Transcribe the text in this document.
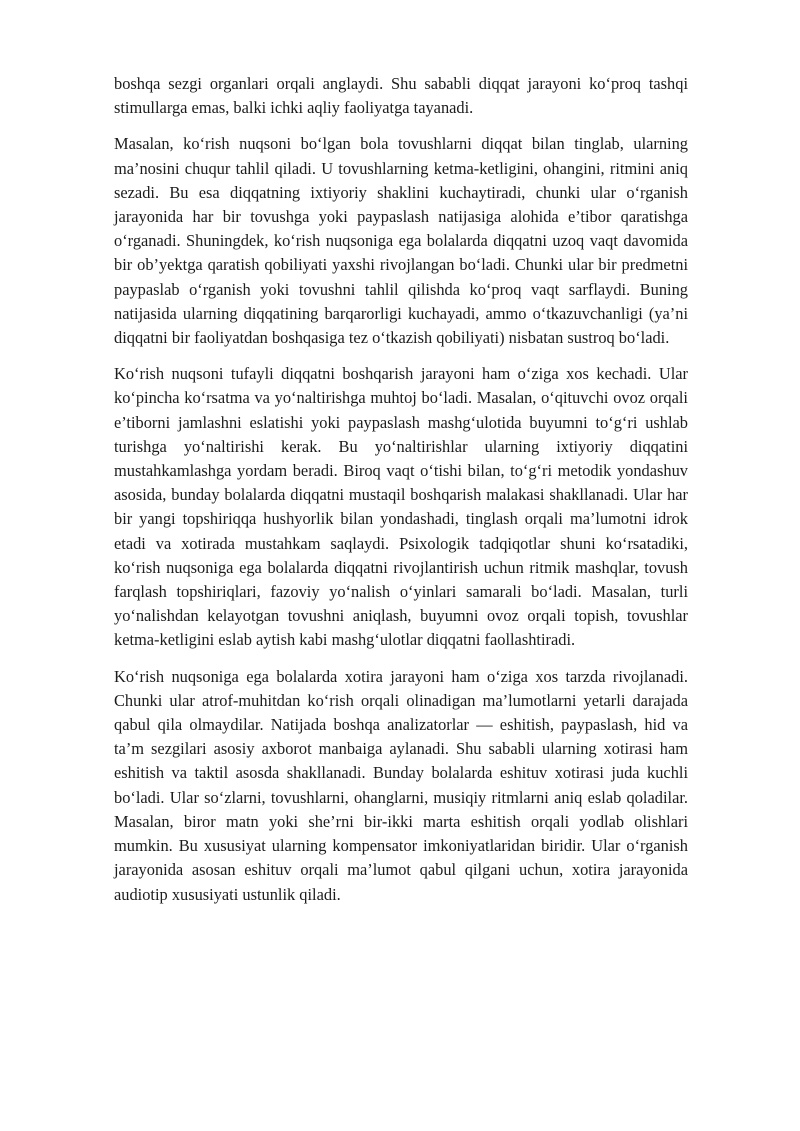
boshqa sezgi organlari orqali anglaydi. Shu sababli diqqat jarayoni ko‘proq tashqi stimullarga emas, balki ichki aqliy faoliyatga tayanadi.

Masalan, ko‘rish nuqsoni bo‘lgan bola tovushlarni diqqat bilan tinglab, ularning ma’nosini chuqur tahlil qiladi. U tovushlarning ketma-ketligini, ohangini, ritmini aniq sezadi. Bu esa diqqatning ixtiyoriy shaklini kuchaytiradi, chunki ular o‘rganish jarayonida har bir tovushga yoki paypaslash natijasiga alohida e’tibor qaratishga o‘rganadi. Shuningdek, ko‘rish nuqsoniga ega bolalarda diqqatni uzoq vaqt davomida bir ob’yektga qaratish qobiliyati yaxshi rivojlangan bo‘ladi. Chunki ular bir predmetni paypaslab o‘rganish yoki tovushni tahlil qilishda ko‘proq vaqt sarflaydi. Buning natijasida ularning diqqatining barqarorligi kuchayadi, ammo o‘tkazuvchanligi (ya’ni diqqatni bir faoliyatdan boshqasiga tez o‘tkazish qobiliyati) nisbatan sustroq bo‘ladi.

Ko‘rish nuqsoni tufayli diqqatni boshqarish jarayoni ham o‘ziga xos kechadi. Ular ko‘pincha ko‘rsatma va yo‘naltirishga muhtoj bo‘ladi. Masalan, o‘qituvchi ovoz orqali e’tiborni jamlashni eslatishi yoki paypaslash mashg‘ulotida buyumni to‘g‘ri ushlab turishga yo‘naltirishi kerak. Bu yo‘naltirishlar ularning ixtiyoriy diqqatini mustahkamlashga yordam beradi. Biroq vaqt o‘tishi bilan, to‘g‘ri metodik yondashuv asosida, bunday bolalarda diqqatni mustaqil boshqarish malakasi shakllanadi. Ular har bir yangi topshiriqqa hushyorlik bilan yondashadi, tinglash orqali ma’lumotni idrok etadi va xotirada mustahkam saqlaydi. Psixologik tadqiqotlar shuni ko‘rsatadiki, ko‘rish nuqsoniga ega bolalarda diqqatni rivojlantirish uchun ritmik mashqlar, tovush farqlash topshiriqlari, fazoviy yo‘nalish o‘yinlari samarali bo‘ladi. Masalan, turli yo‘nalishdan kelayotgan tovushni aniqlash, buyumni ovoz orqali topish, tovushlar ketma-ketligini eslab aytish kabi mashg‘ulotlar diqqatni faollashtiradi.

Ko‘rish nuqsoniga ega bolalarda xotira jarayoni ham o‘ziga xos tarzda rivojlanadi. Chunki ular atrof-muhitdan ko‘rish orqali olinadigan ma’lumotlarni yetarli darajada qabul qila olmaydilar. Natijada boshqa analizatorlar — eshitish, paypaslash, hid va ta’m sezgilari asosiy axborot manbaiga aylanadi. Shu sababli ularning xotirasi ham eshitish va taktil asosda shakllanadi. Bunday bolalarda eshituv xotirasi juda kuchli bo‘ladi. Ular so‘zlarni, tovushlarni, ohanglarni, musiqiy ritmlarni aniq eslab qoladilar. Masalan, biror matn yoki she’rni bir-ikki marta eshitish orqali yodlab olishlari mumkin. Bu xususiyat ularning kompensator imkoniyatlaridan biridir. Ular o‘rganish jarayonida asosan eshituv orqali ma’lumot qabul qilgani uchun, xotira jarayonida audiotip xususiyati ustunlik qiladi.
